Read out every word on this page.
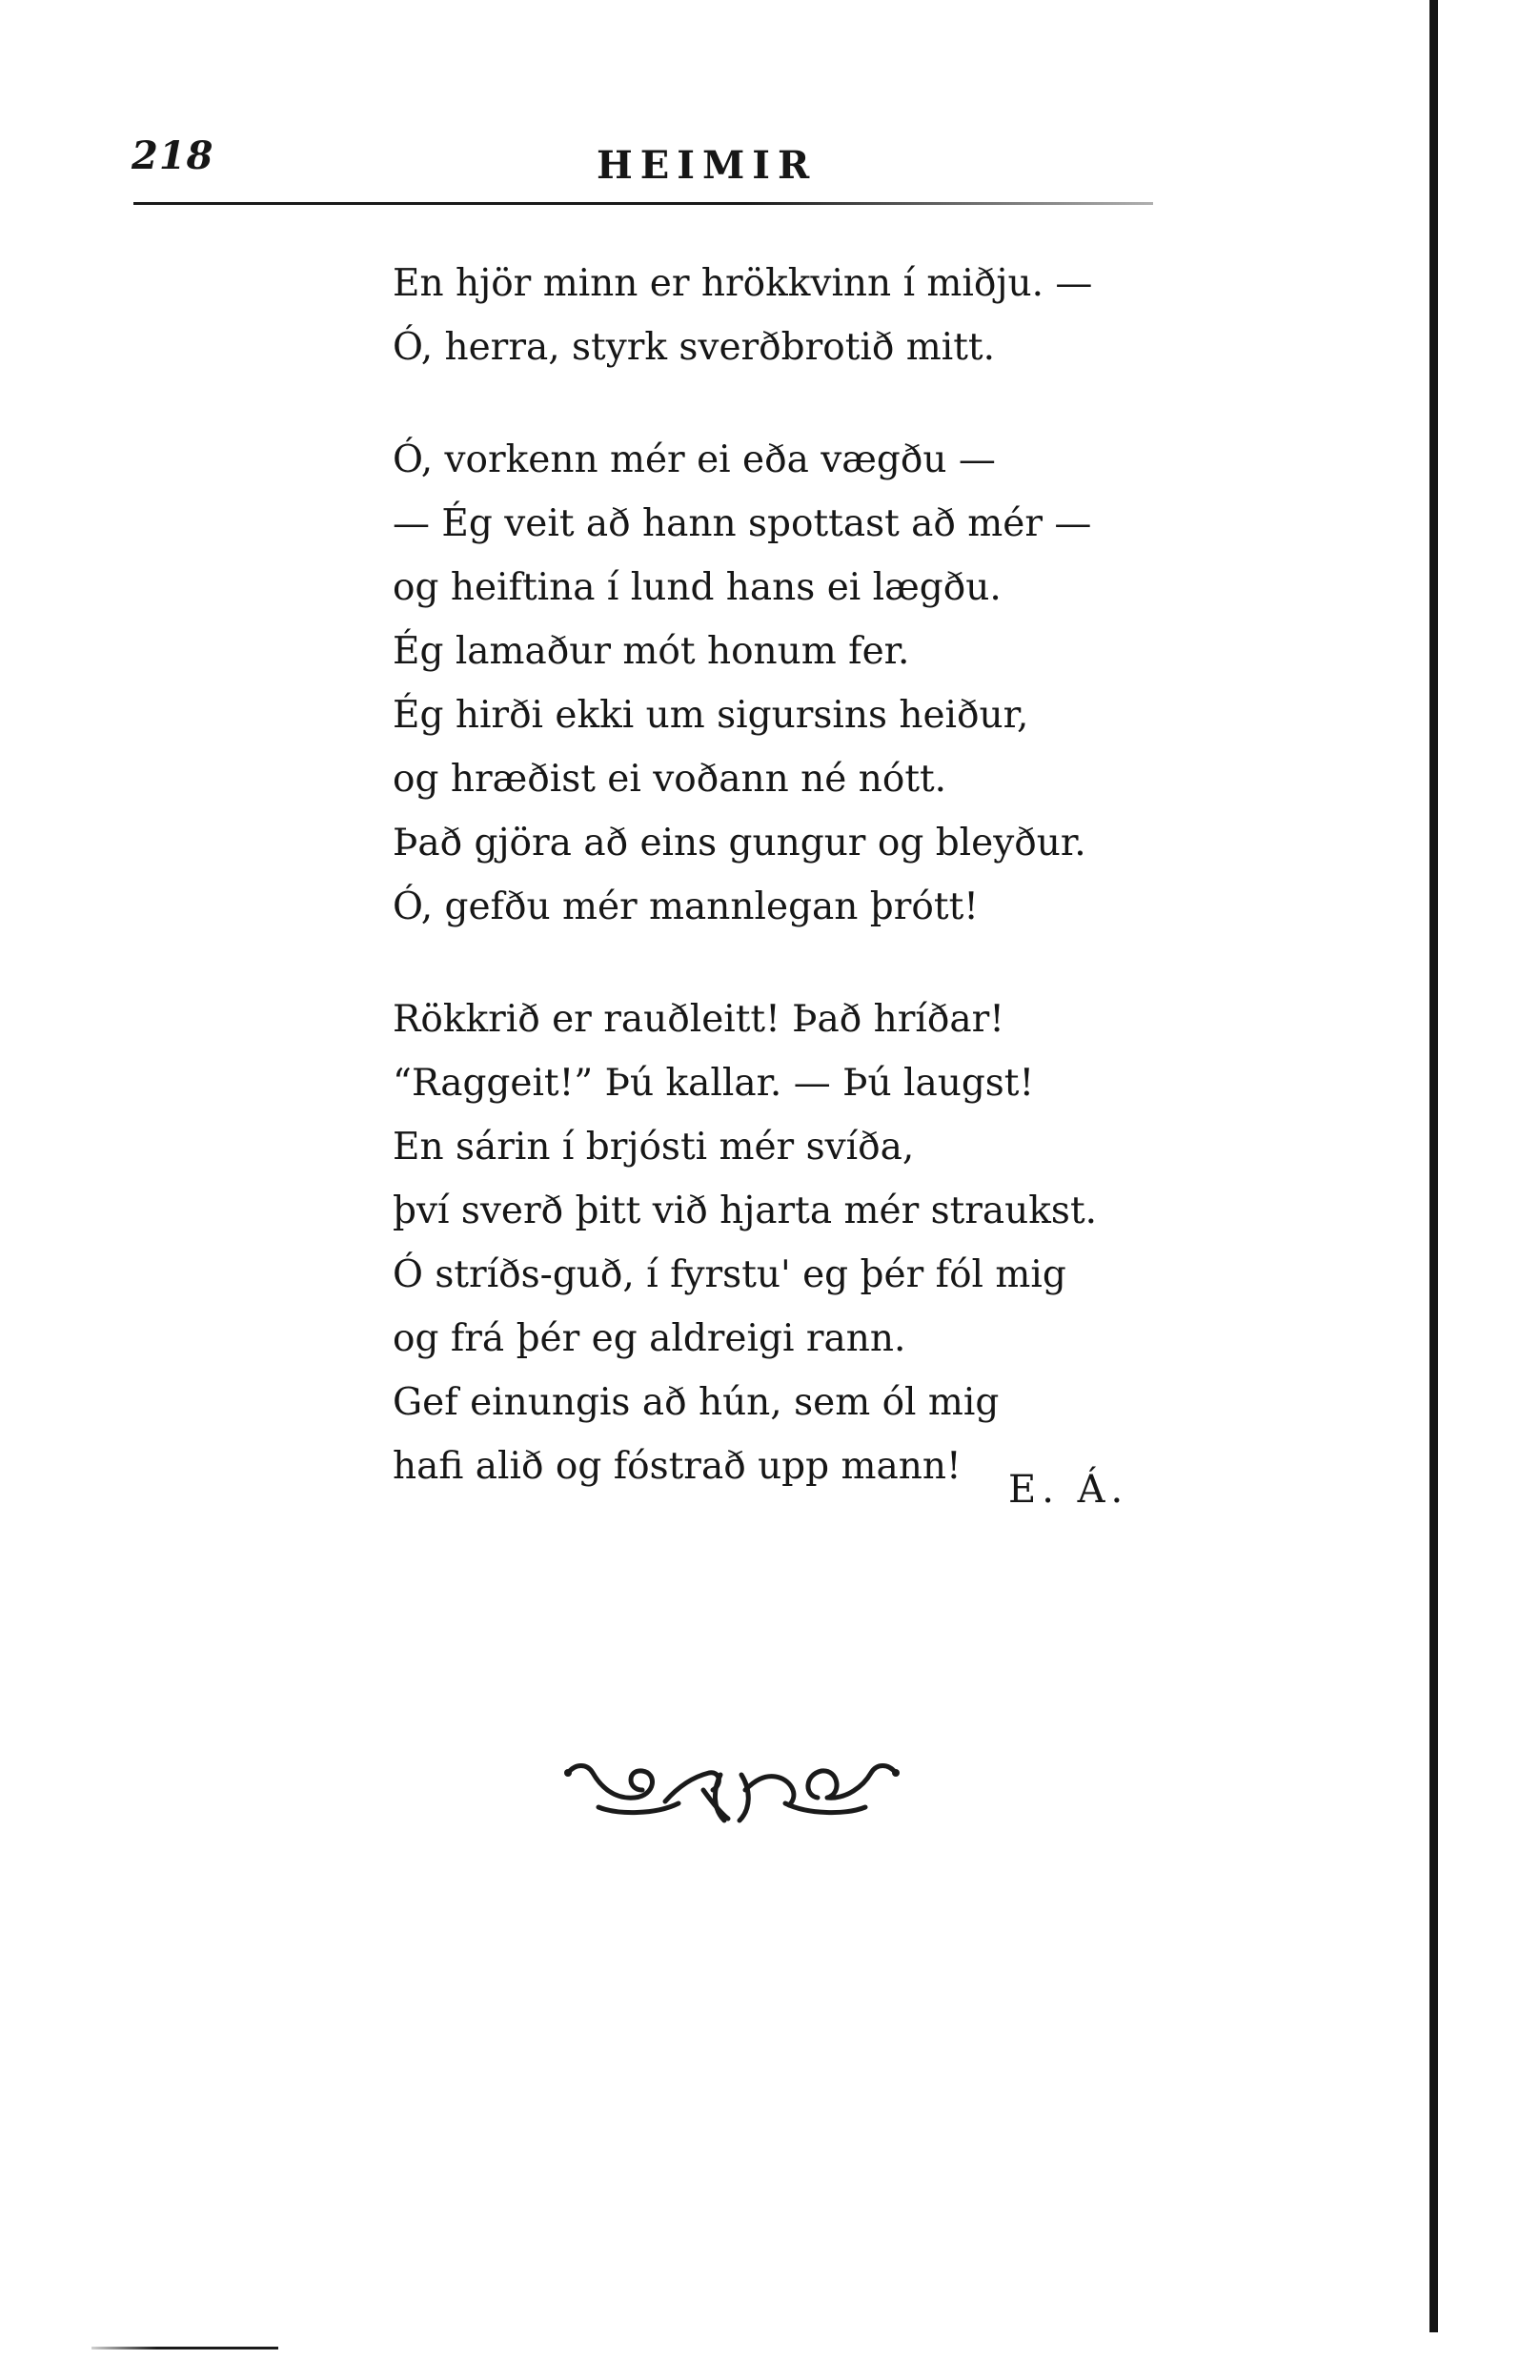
218	HEIMIR
En hjör minn er hrökkvinn í miðju. —
Ó, herra, styrk sverðbrotið mitt.
Ó, vorkenn mér ei eða vægðu —
— Ég veit að hann spottast að mér —
og heiftina í lund hans ei lægðu.
Ég lamaður mót honum fer.
Ég hirði ekki um sigursins heiður,
og hræðist ei voðann né nótt.
Það gjöra að eins gungur og bleyður.
Ó, gefðu mér mannlegan þrótt!
Rökkrið er rauðleitt! Það hríðar!
“Raggeit!” Þú kallar. — Þú laugst!
En sárin í brjósti mér svíða,
því sverð þitt við hjarta mér straukst.
Ó stríðs-guð, í fyrstu' eg þér fól mig
og frá þér eg aldreigi rann.
Gef einungis að hún, sem ól mig
hafi alið og fóstrað upp mann!
E. Á.
